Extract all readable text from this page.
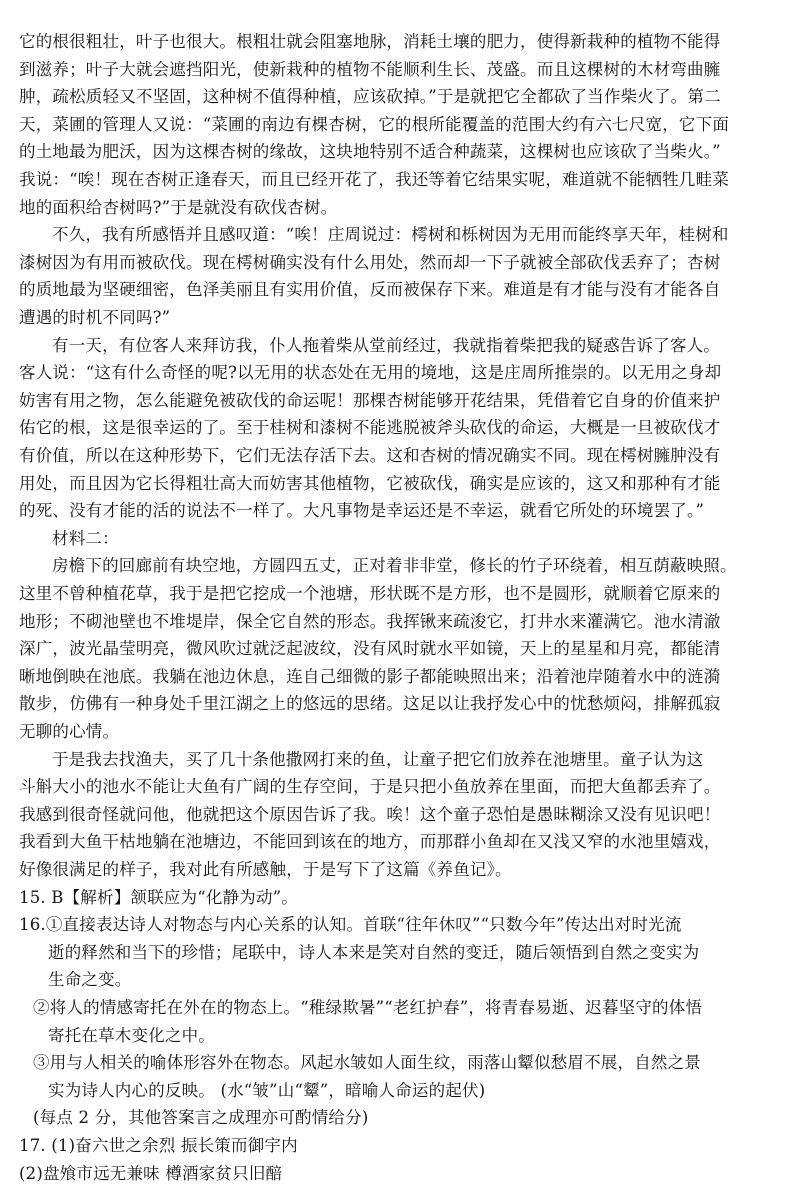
它的根很粗壮，叶子也很大。根粗壮就会阻塞地脉，消耗土壤的肥力，使得新栽种的植物不能得
到滋养；叶子大就会遮挡阳光，使新栽种的植物不能顺利生长、茂盛。而且这棵树的木材弯曲臃
肿，疏松质轻又不坚固，这种树不值得种植，应该砍掉。”于是就把它全都砍了当作柴火了。第二
天，菜圃的管理人又说：“菜圃的南边有棵杏树，它的根所能覆盖的范围大约有六七尺宽，它下面
的土地最为肥沃，因为这棵杏树的缘故，这块地特别不适合种蔬菜，这棵树也应该砍了当柴火。”
我说：“唉！现在杏树正逢春天，而且已经开花了，我还等着它结果实呢，难道就不能牺牲几畦菜
地的面积给杏树吗?”于是就没有砍伐杏树。
不久，我有所感悟并且感叹道：“唉！庄周说过：樗树和栎树因为无用而能终享天年，桂树和
漆树因为有用而被砍伐。现在樗树确实没有什么用处，然而却一下子就被全部砍伐丢弃了；杏树
的质地最为坚硬细密，色泽美丽且有实用价值，反而被保存下来。难道是有才能与没有才能各自
遭遇的时机不同吗?”
有一天，有位客人来拜访我，仆人拖着柴从堂前经过，我就指着柴把我的疑惑告诉了客人。
客人说：“这有什么奇怪的呢?以无用的状态处在无用的境地，这是庄周所推崇的。以无用之身却
妨害有用之物，怎么能避免被砍伐的命运呢！那棵杏树能够开花结果，凭借着它自身的价值来护
佑它的根，这是很幸运的了。至于桂树和漆树不能逃脱被斧头砍伐的命运，大概是一旦被砍伐才
有价值，所以在这种形势下，它们无法存活下去。这和杏树的情况确实不同。现在樗树臃肿没有
用处，而且因为它长得粗壮高大而妨害其他植物，它被砍伐，确实是应该的，这又和那种有才能
的死、没有才能的活的说法不一样了。大凡事物是幸运还是不幸运，就看它所处的环境罢了。”
材料二：
房檐下的回廊前有块空地，方圆四五丈，正对着非非堂，修长的竹子环绕着，相互荫蔽映照。
这里不曾种植花草，我于是把它挖成一个池塘，形状既不是方形，也不是圆形，就顺着它原来的
地形；不砌池壁也不堆堤岸，保全它自然的形态。我挥锹来疏浚它，打井水来灌满它。池水清澈
深广，波光晶莹明亮，微风吹过就泛起波纹，没有风时就水平如镜，天上的星星和月亮，都能清
晰地倒映在池底。我躺在池边休息，连自己细微的影子都能映照出来；沿着池岸随着水中的涟漪
散步，仿佛有一种身处千里江湖之上的悠远的思绪。这足以让我抒发心中的忧愁烦闷，排解孤寂
无聊的心情。
于是我去找渔夫，买了几十条他撒网打来的鱼，让童子把它们放养在池塘里。童子认为这
斗斛大小的池水不能让大鱼有广阔的生存空间，于是只把小鱼放养在里面，而把大鱼都丢弃了。
我感到很奇怪就问他，他就把这个原因告诉了我。唉！这个童子恐怕是愚昧糊涂又没有见识吧！
我看到大鱼干枯地躺在池塘边，不能回到该在的地方，而那群小鱼却在又浅又窄的水池里嬉戏，
好像很满足的样子，我对此有所感触，于是写下了这篇《养鱼记》。
15. B【解析】颔联应为“化静为动”。
16.①直接表达诗人对物态与内心关系的认知。首联“往年休叹”“只数今年”传达出对时光流
逝的释然和当下的珍惜；尾联中，诗人本来是笑对自然的变迁，随后领悟到自然之变实为
生命之变。
②将人的情感寄托在外在的物态上。“稚绿欺暑”“老红护春”，将青春易逝、迟暮坚守的体悟
寄托在草木变化之中。
③用与人相关的喻体形容外在物态。风起水皱如人面生纹，雨落山颦似愁眉不展，自然之景
实为诗人内心的反映。 (水“皱”山“颦”，暗喻人命运的起伏)
(每点 2 分，其他答案言之成理亦可酌情给分)
17. (1)奋六世之余烈 振长策而御宇内
(2)盘飧市远无兼味 樽酒家贫只旧醅
